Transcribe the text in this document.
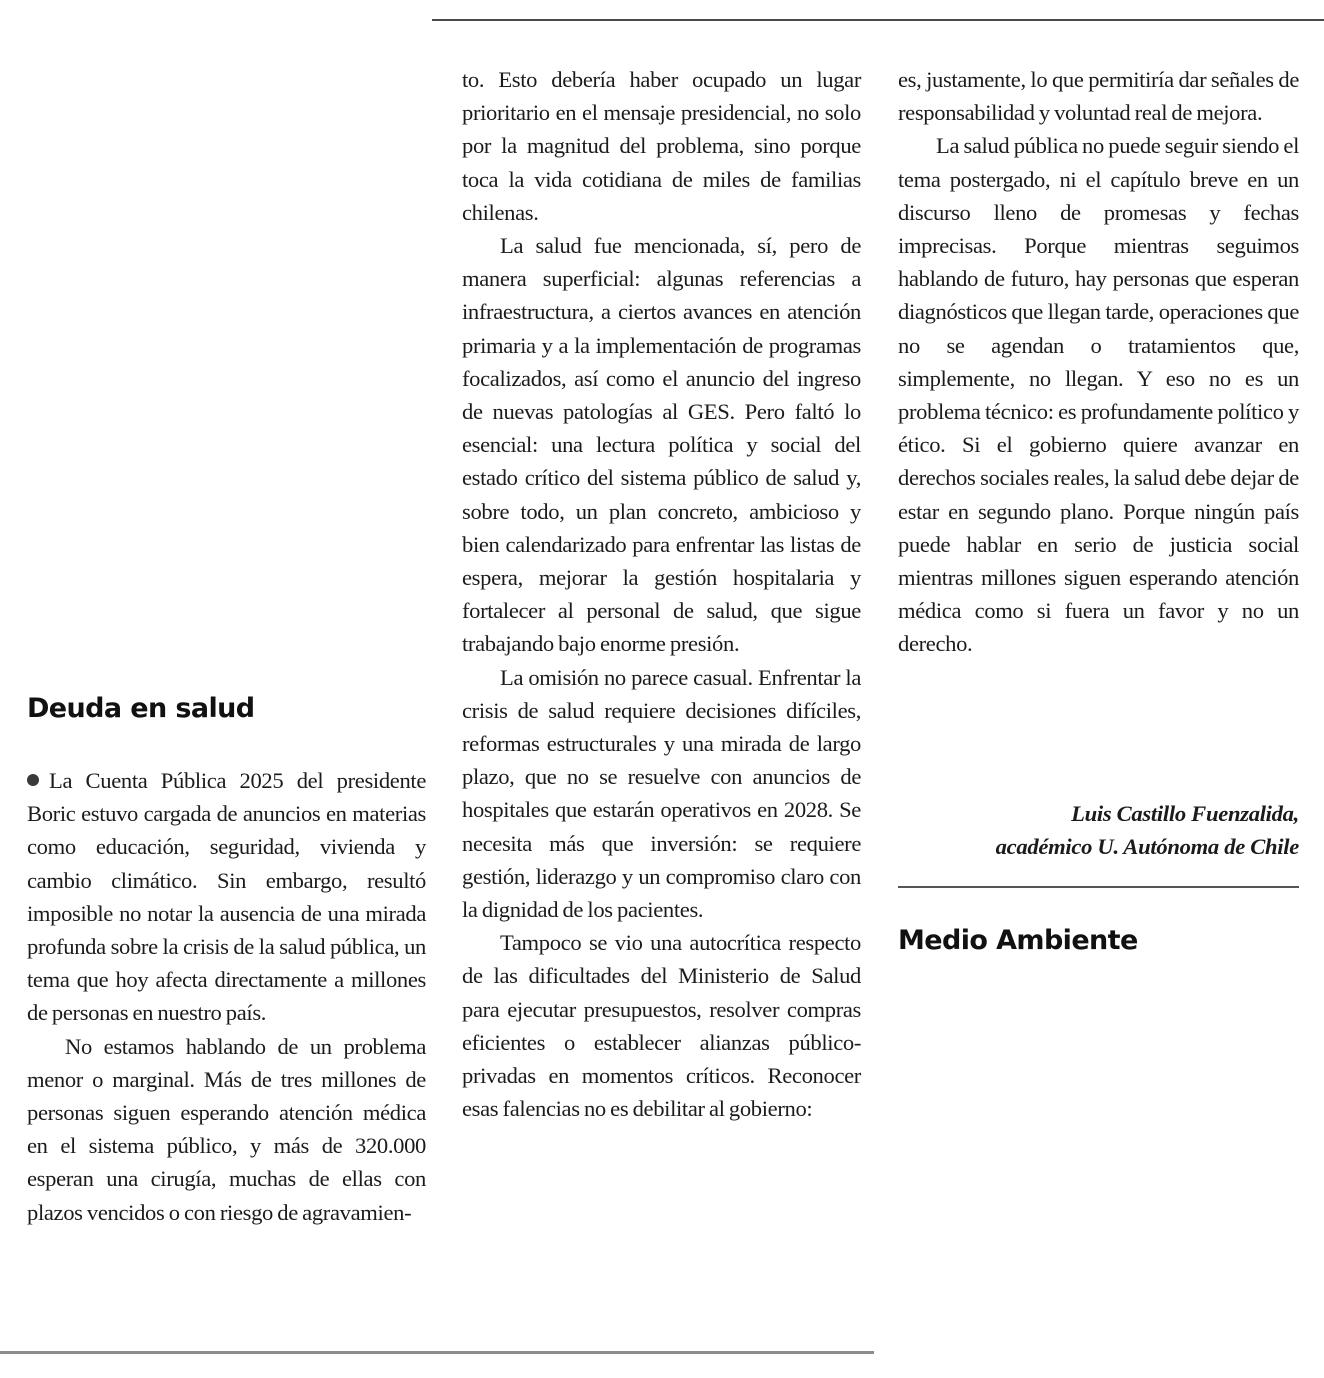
Deuda en salud

La Cuenta Pública 2025 del presidente Boric estuvo cargada de anuncios en materias como educación, seguridad, vivienda y cambio climático. Sin embargo, resultó imposible no notar la ausencia de una mirada profunda sobre la crisis de la salud pública, un tema que hoy afecta directamente a millones de personas en nuestro país.

No estamos hablando de un problema menor o marginal. Más de tres millones de personas siguen esperando atención médica en el sistema público, y más de 320.000 esperan una cirugía, muchas de ellas con plazos vencidos o con riesgo de agravamien-

to. Esto debería haber ocupado un lugar prioritario en el mensaje presidencial, no solo por la magnitud del problema, sino porque toca la vida cotidiana de miles de familias chilenas.

La salud fue mencionada, sí, pero de manera superficial: algunas referencias a infraestructura, a ciertos avances en atención primaria y a la implementación de programas focalizados, así como el anuncio del ingreso de nuevas patologías al GES. Pero faltó lo esencial: una lectura política y social del estado crítico del sistema público de salud y, sobre todo, un plan concreto, ambicioso y bien calendarizado para enfrentar las listas de espera, mejorar la gestión hospitalaria y fortalecer al personal de salud, que sigue trabajando bajo enorme presión.

La omisión no parece casual. Enfrentar la crisis de salud requiere decisiones difíciles, reformas estructurales y una mirada de largo plazo, que no se resuelve con anuncios de hospitales que estarán operativos en 2028. Se necesita más que inversión: se requiere gestión, liderazgo y un compromiso claro con la dignidad de los pacientes.

Tampoco se vio una autocrítica respecto de las dificultades del Ministerio de Salud para ejecutar presupuestos, resolver compras eficientes o establecer alianzas público-privadas en momentos críticos. Reconocer esas falencias no es debilitar al gobierno:

es, justamente, lo que permitiría dar señales de responsabilidad y voluntad real de mejora.

La salud pública no puede seguir siendo el tema postergado, ni el capítulo breve en un discurso lleno de promesas y fechas imprecisas. Porque mientras seguimos hablando de futuro, hay personas que esperan diagnósticos que llegan tarde, operaciones que no se agendan o tratamientos que, simplemente, no llegan. Y eso no es un problema técnico: es profundamente político y ético. Si el gobierno quiere avanzar en derechos sociales reales, la salud debe dejar de estar en segundo plano. Porque ningún país puede hablar en serio de justicia social mientras millones siguen esperando atención médica como si fuera un favor y no un derecho.

Luis Castillo Fuenzalida,
académico U. Autónoma de Chile
Medio Ambiente
